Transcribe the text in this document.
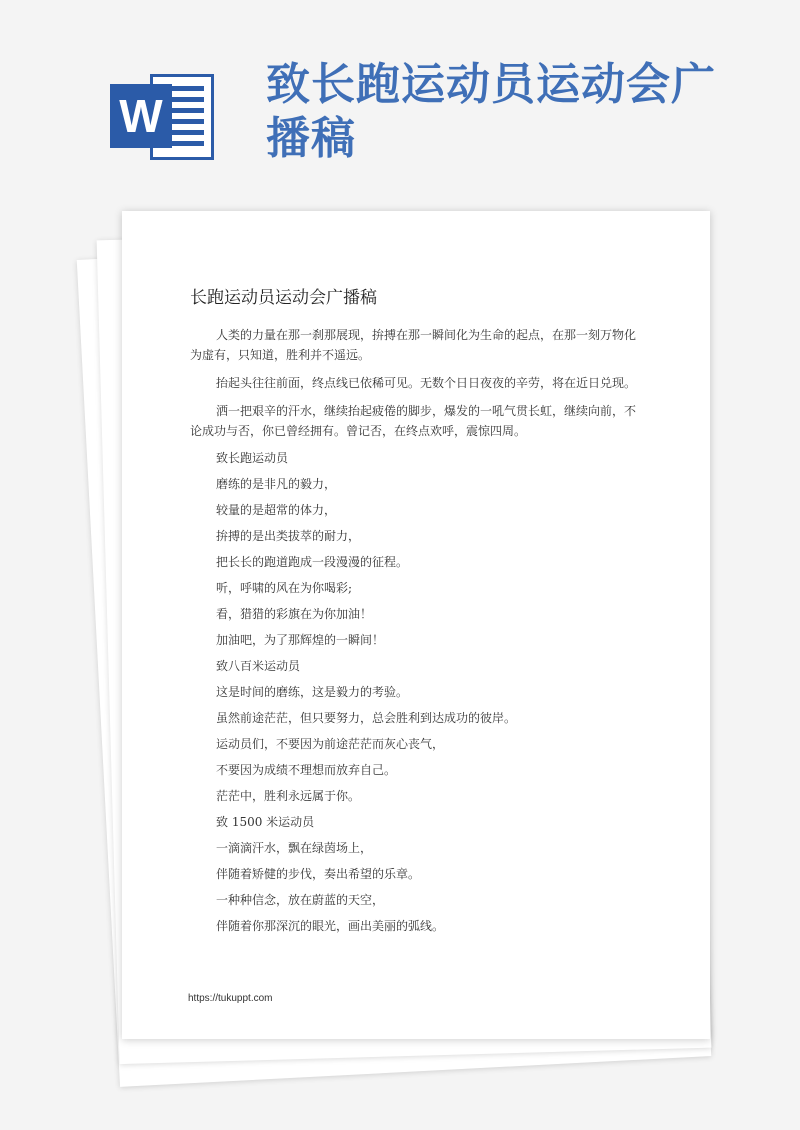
W
致长跑运动员运动会广播稿
长跑运动员运动会广播稿

人类的力量在那一刹那展现，拚搏在那一瞬间化为生命的起点，在那一刻万物化为虚有，只知道，胜利并不遥远。

抬起头往往前面，终点线已依稀可见。无数个日日夜夜的辛劳，将在近日兑现。

洒一把艰辛的汗水，继续抬起疲倦的脚步，爆发的一吼气贯长虹，继续向前，不论成功与否，你已曾经拥有。曾记否，在终点欢呼，震惊四周。

致长跑运动员

磨练的是非凡的毅力，

较量的是超常的体力，

拚搏的是出类拔萃的耐力，

把长长的跑道跑成一段漫漫的征程。

听，呼啸的风在为你喝彩;

看，猎猎的彩旗在为你加油！

加油吧，为了那辉煌的一瞬间！

致八百米运动员

这是时间的磨练，这是毅力的考验。

虽然前途茫茫，但只要努力，总会胜利到达成功的彼岸。

运动员们，不要因为前途茫茫而灰心丧气，

不要因为成绩不理想而放弃自己。

茫茫中，胜利永远属于你。

致 1500 米运动员

一滴滴汗水，飘在绿茵场上，

伴随着矫健的步伐，奏出希望的乐章。

一种种信念，放在蔚蓝的天空，

伴随着你那深沉的眼光，画出美丽的弧线。

https://tukuppt.com
